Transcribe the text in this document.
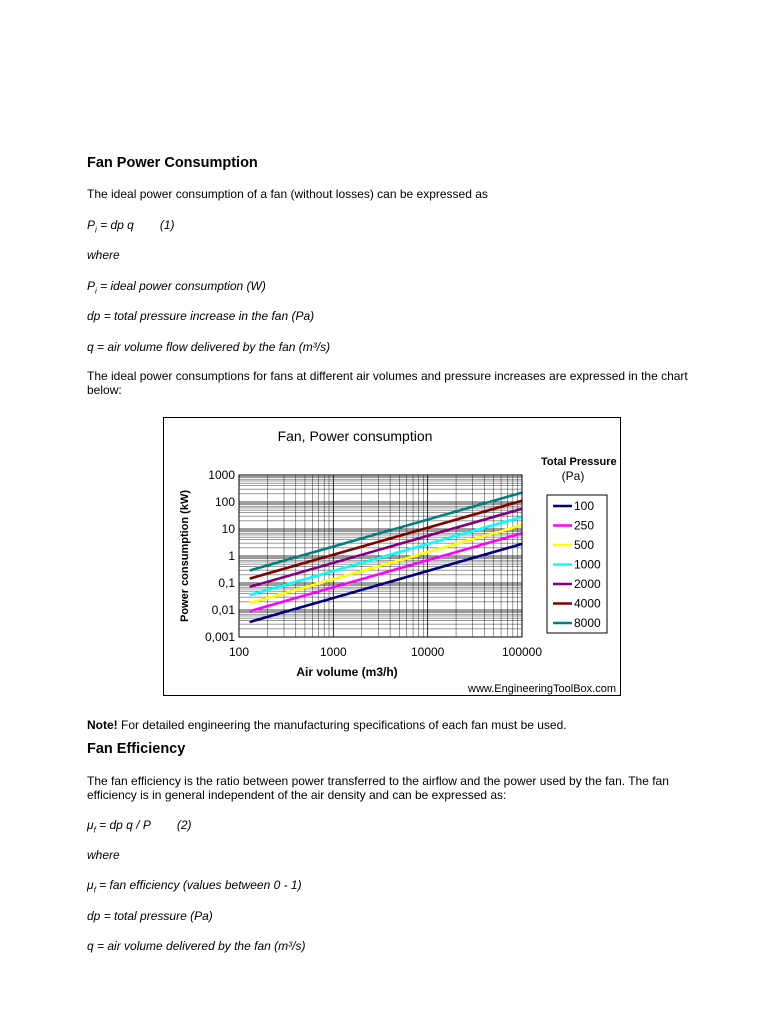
Fan Power Consumption
The ideal power consumption of a fan (without losses) can be expressed as
$P_i$ = dp q (1)
where
$P_i$ = ideal power consumption (W)
dp = total pressure increase in the fan (Pa)
q = air volume flow delivered by the fan (m³/s)
The ideal power consumptions for fans at different air volumes and pressure increases are expressed in the chart below:
Fan, Power consumption
100	1000	10000	100000
0,001
0,01
0,1
1
10
100
1000
Air volume (m3/h)
Power consumption (kW)
Total Pressure
(Pa)
100
250
500
1000
2000
4000
8000
www.EngineeringToolBox.com
Note! For detailed engineering the manufacturing specifications of each fan must be used.
Fan Efficiency
The fan efficiency is the ratio between power transferred to the airflow and the power used by the fan. The fan efficiency is in general independent of the air density and can be expressed as:
$\mu_f$ = dp q / P (2)
where
$\mu_f$ = fan efficiency (values between 0 - 1)
dp = total pressure (Pa)
q = air volume delivered by the fan (m³/s)
